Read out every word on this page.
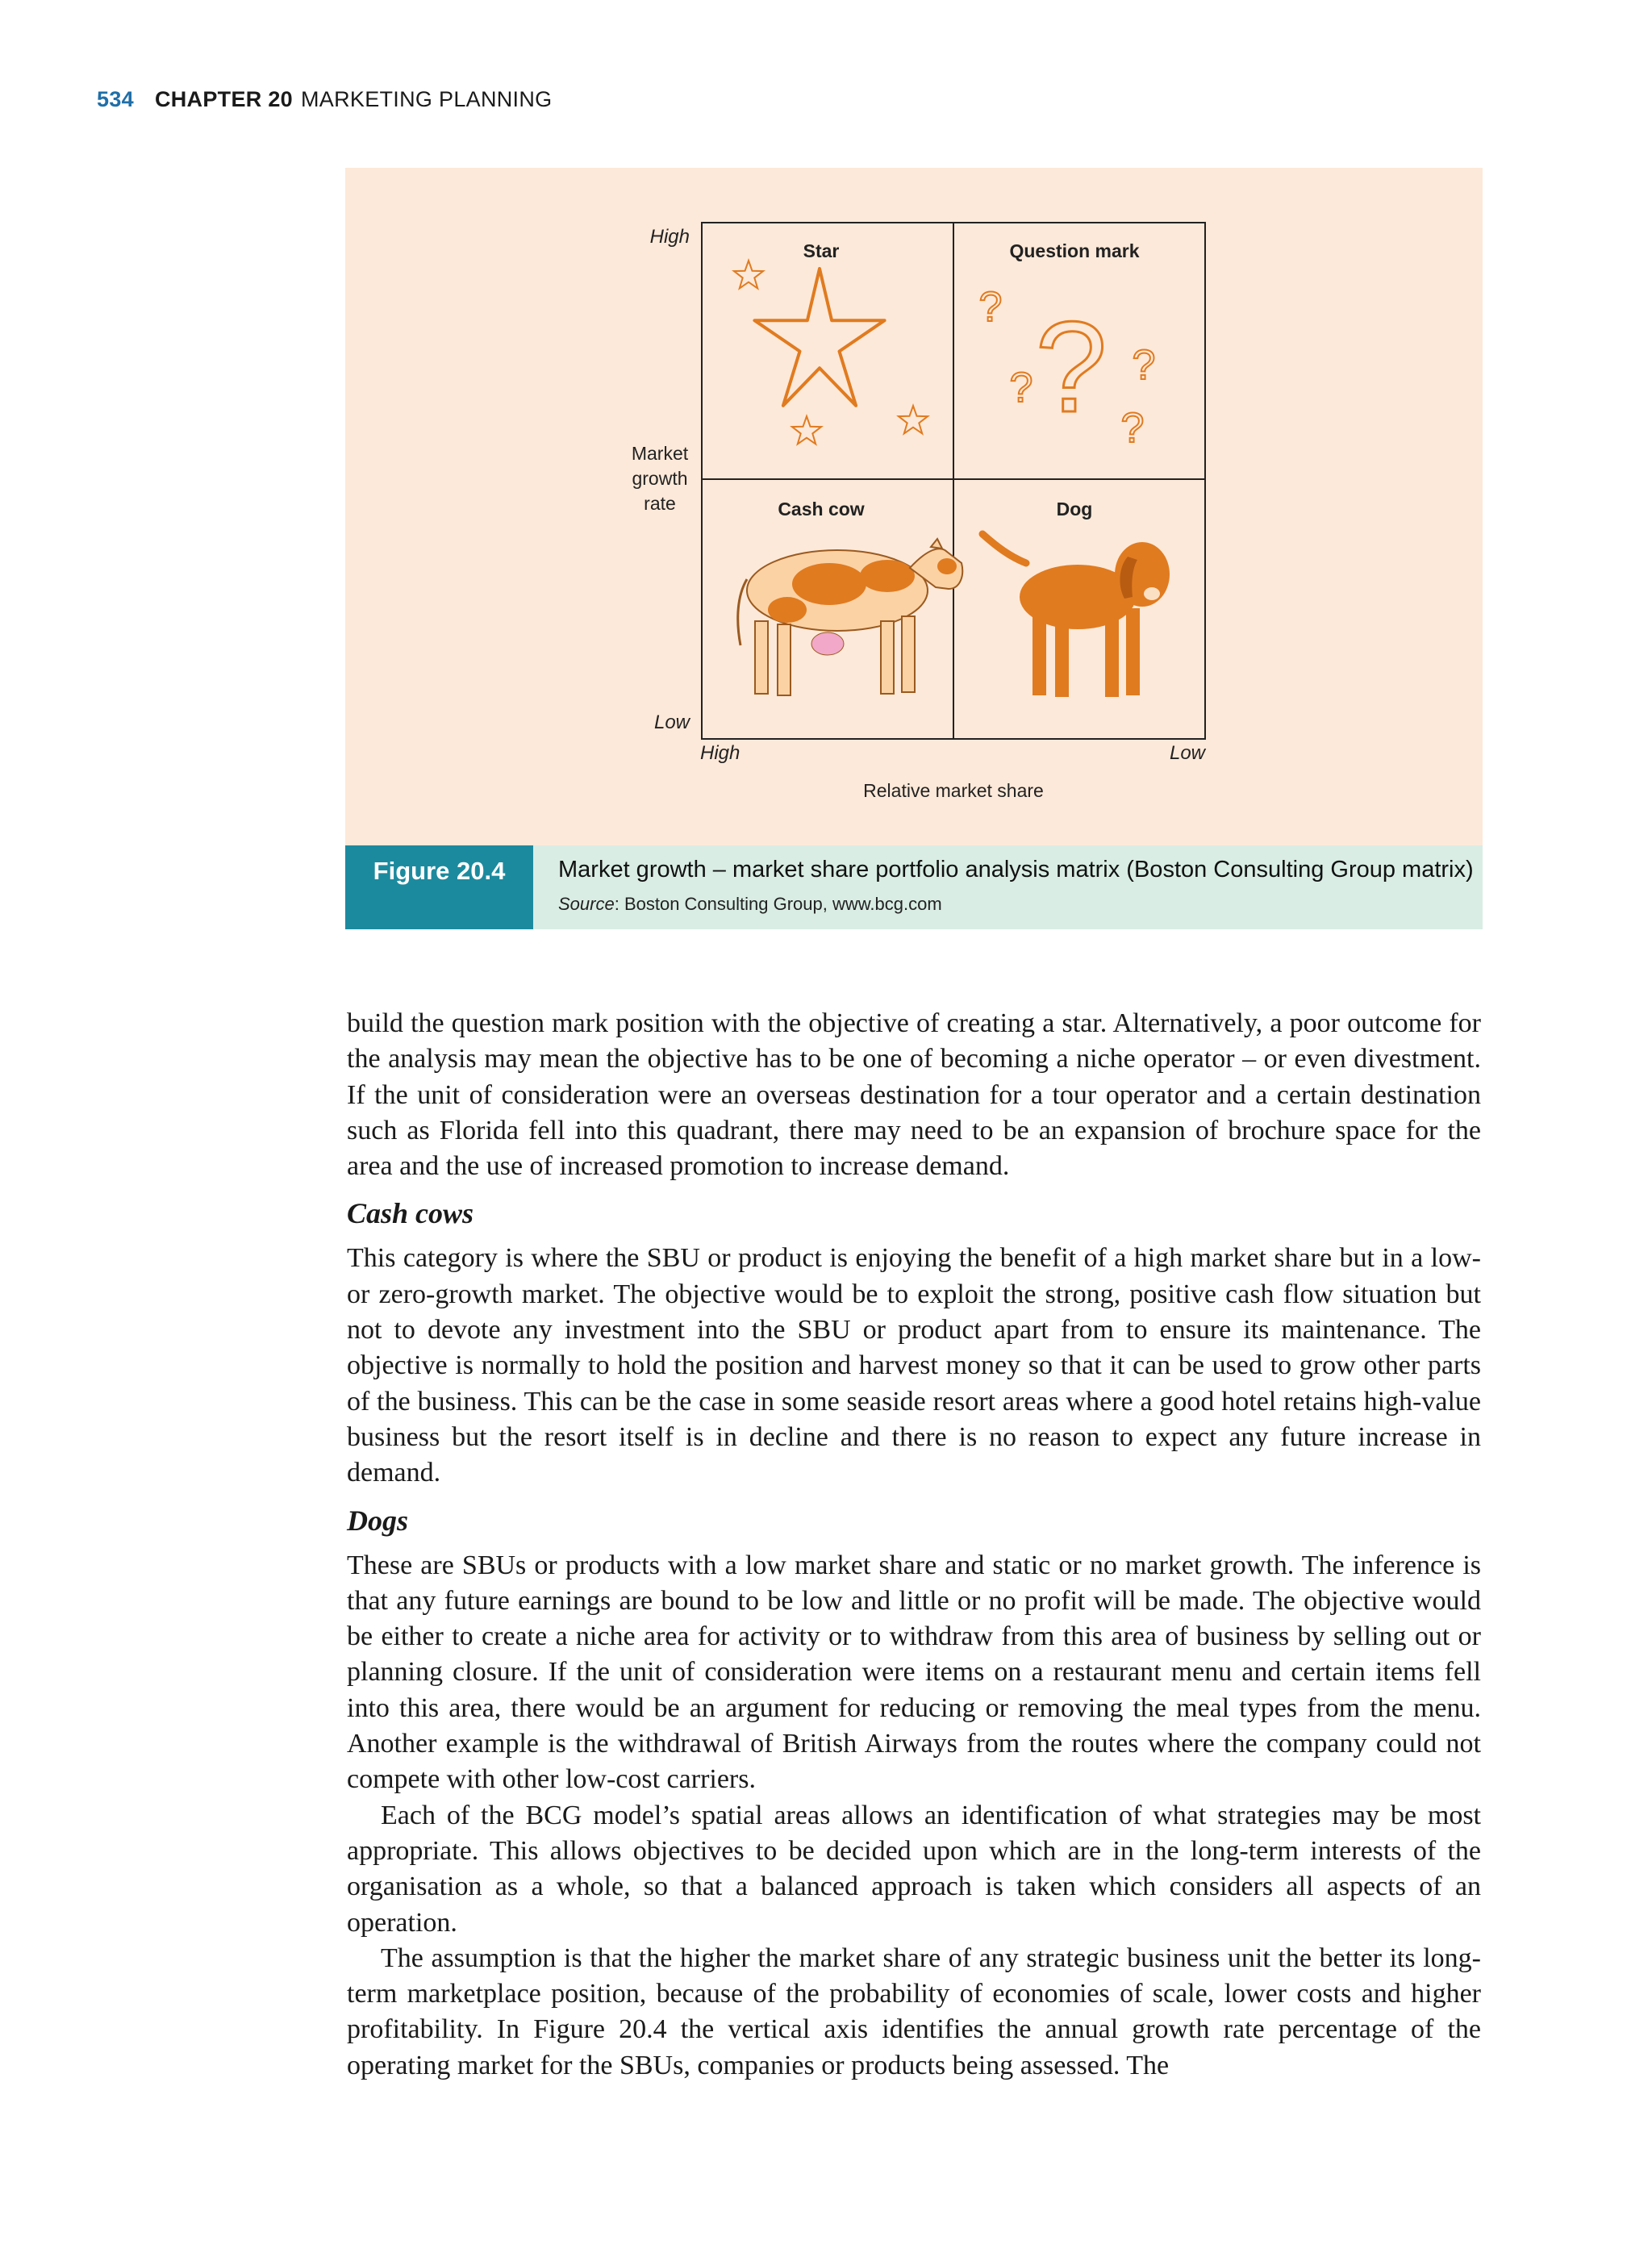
534 CHAPTER 20 MARKETING PLANNING
High
Low
Market
growth
rate
High	Low
Relative market share
Star	Question mark
Cash cow	Dog
?
?
?
?
?
Figure 20.4	Market growth – market share portfolio analysis matrix (Boston Consulting Group matrix)
Source: Boston Consulting Group, www.bcg.com

build the question mark position with the objective of creating a star. Alternatively, a poor outcome for the analysis may mean the objective has to be one of becoming a niche operator – or even divestment. If the unit of consideration were an overseas destination for a tour operator and a certain destination such as Florida fell into this quadrant, there may need to be an expansion of brochure space for the area and the use of increased promotion to increase demand.

Cash cows

This category is where the SBU or product is enjoying the benefit of a high market share but in a low- or zero-growth market. The objective would be to exploit the strong, positive cash flow situation but not to devote any investment into the SBU or product apart from to ensure its maintenance. The objective is normally to hold the position and harvest money so that it can be used to grow other parts of the business. This can be the case in some seaside resort areas where a good hotel retains high-value business but the resort itself is in decline and there is no reason to expect any future increase in demand.

Dogs

These are SBUs or products with a low market share and static or no market growth. The inference is that any future earnings are bound to be low and little or no profit will be made. The objective would be either to create a niche area for activity or to withdraw from this area of business by selling out or planning closure. If the unit of consideration were items on a restaurant menu and certain items fell into this area, there would be an argument for reducing or removing the meal types from the menu. Another example is the withdrawal of British Airways from the routes where the company could not compete with other low-cost carriers.

Each of the BCG model’s spatial areas allows an identification of what strategies may be most appropriate. This allows objectives to be decided upon which are in the long-term interests of the organisation as a whole, so that a balanced approach is taken which considers all aspects of an operation.

The assumption is that the higher the market share of any strategic business unit the better its long-term marketplace position, because of the probability of economies of scale, lower costs and higher profitability. In Figure 20.4 the vertical axis identifies the annual growth rate percentage of the operating market for the SBUs, companies or products being assessed. The
